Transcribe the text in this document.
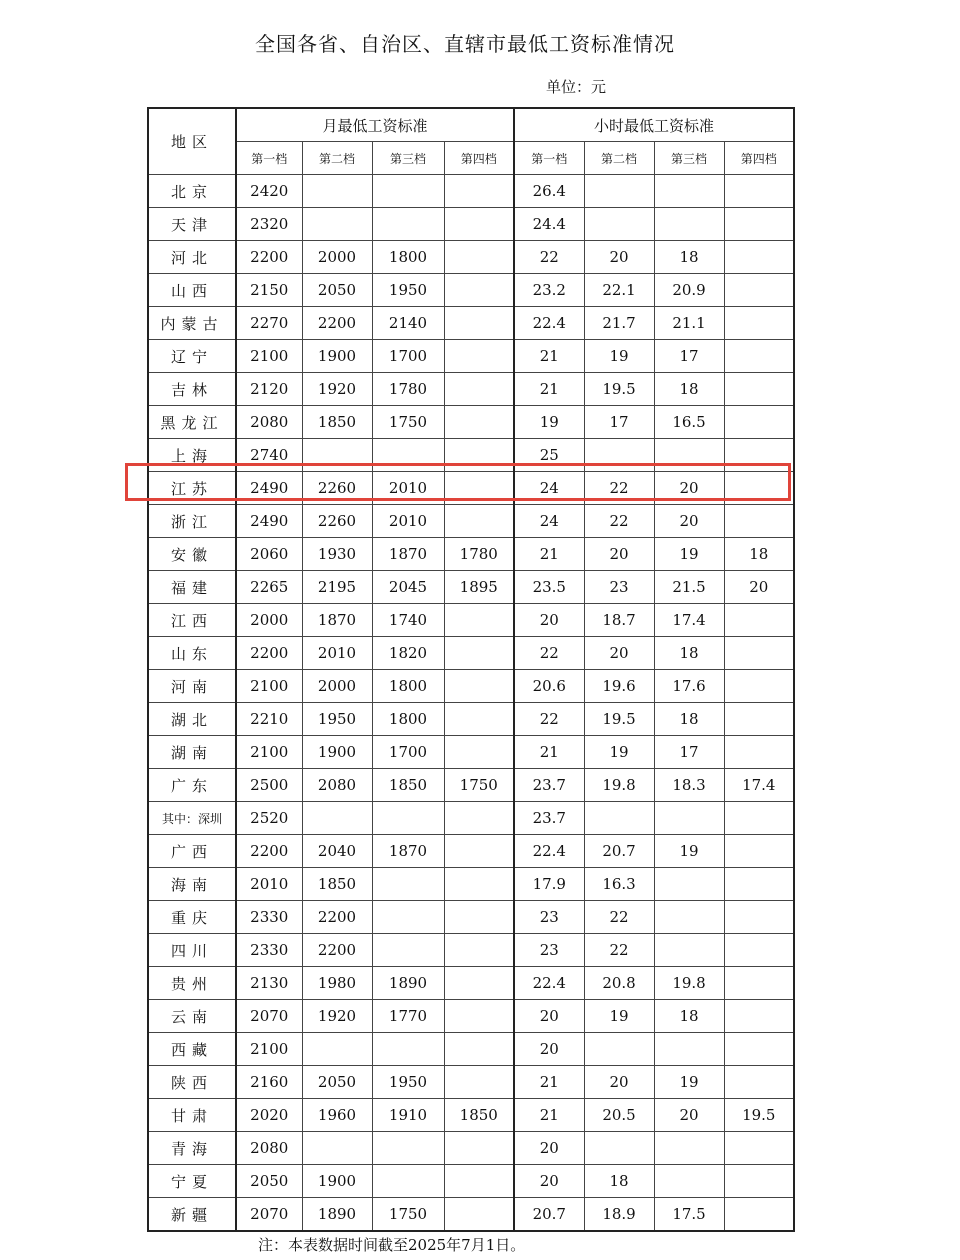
全国各省、自治区、直辖市最低工资标准情况
单位：元
地区	月最低工资标准				小时最低工资标准			
	第一档	第二档	第三档	第四档	第一档	第二档	第三档	第四档
北京	2420				26.4			
天津	2320				24.4			
河北	2200	2000	1800		22	20	18	
山西	2150	2050	1950		23.2	22.1	20.9	
内蒙古	2270	2200	2140		22.4	21.7	21.1	
辽宁	2100	1900	1700		21	19	17	
吉林	2120	1920	1780		21	19.5	18	
黑龙江	2080	1850	1750		19	17	16.5	
上海	2740				25			
江苏	2490	2260	2010		24	22	20	
浙江	2490	2260	2010		24	22	20	
安徽	2060	1930	1870	1780	21	20	19	18
福建	2265	2195	2045	1895	23.5	23	21.5	20
江西	2000	1870	1740		20	18.7	17.4	
山东	2200	2010	1820		22	20	18	
河南	2100	2000	1800		20.6	19.6	17.6	
湖北	2210	1950	1800		22	19.5	18	
湖南	2100	1900	1700		21	19	17	
广东	2500	2080	1850	1750	23.7	19.8	18.3	17.4
其中：深圳	2520				23.7			
广西	2200	2040	1870		22.4	20.7	19	
海南	2010	1850			17.9	16.3		
重庆	2330	2200			23	22		
四川	2330	2200			23	22		
贵州	2130	1980	1890		22.4	20.8	19.8	
云南	2070	1920	1770		20	19	18	
西藏	2100				20			
陕西	2160	2050	1950		21	20	19	
甘肃	2020	1960	1910	1850	21	20.5	20	19.5
青海	2080				20			
宁夏	2050	1900			20	18		
新疆	2070	1890	1750		20.7	18.9	17.5	
注：本表数据时间截至2025年7月1日。
